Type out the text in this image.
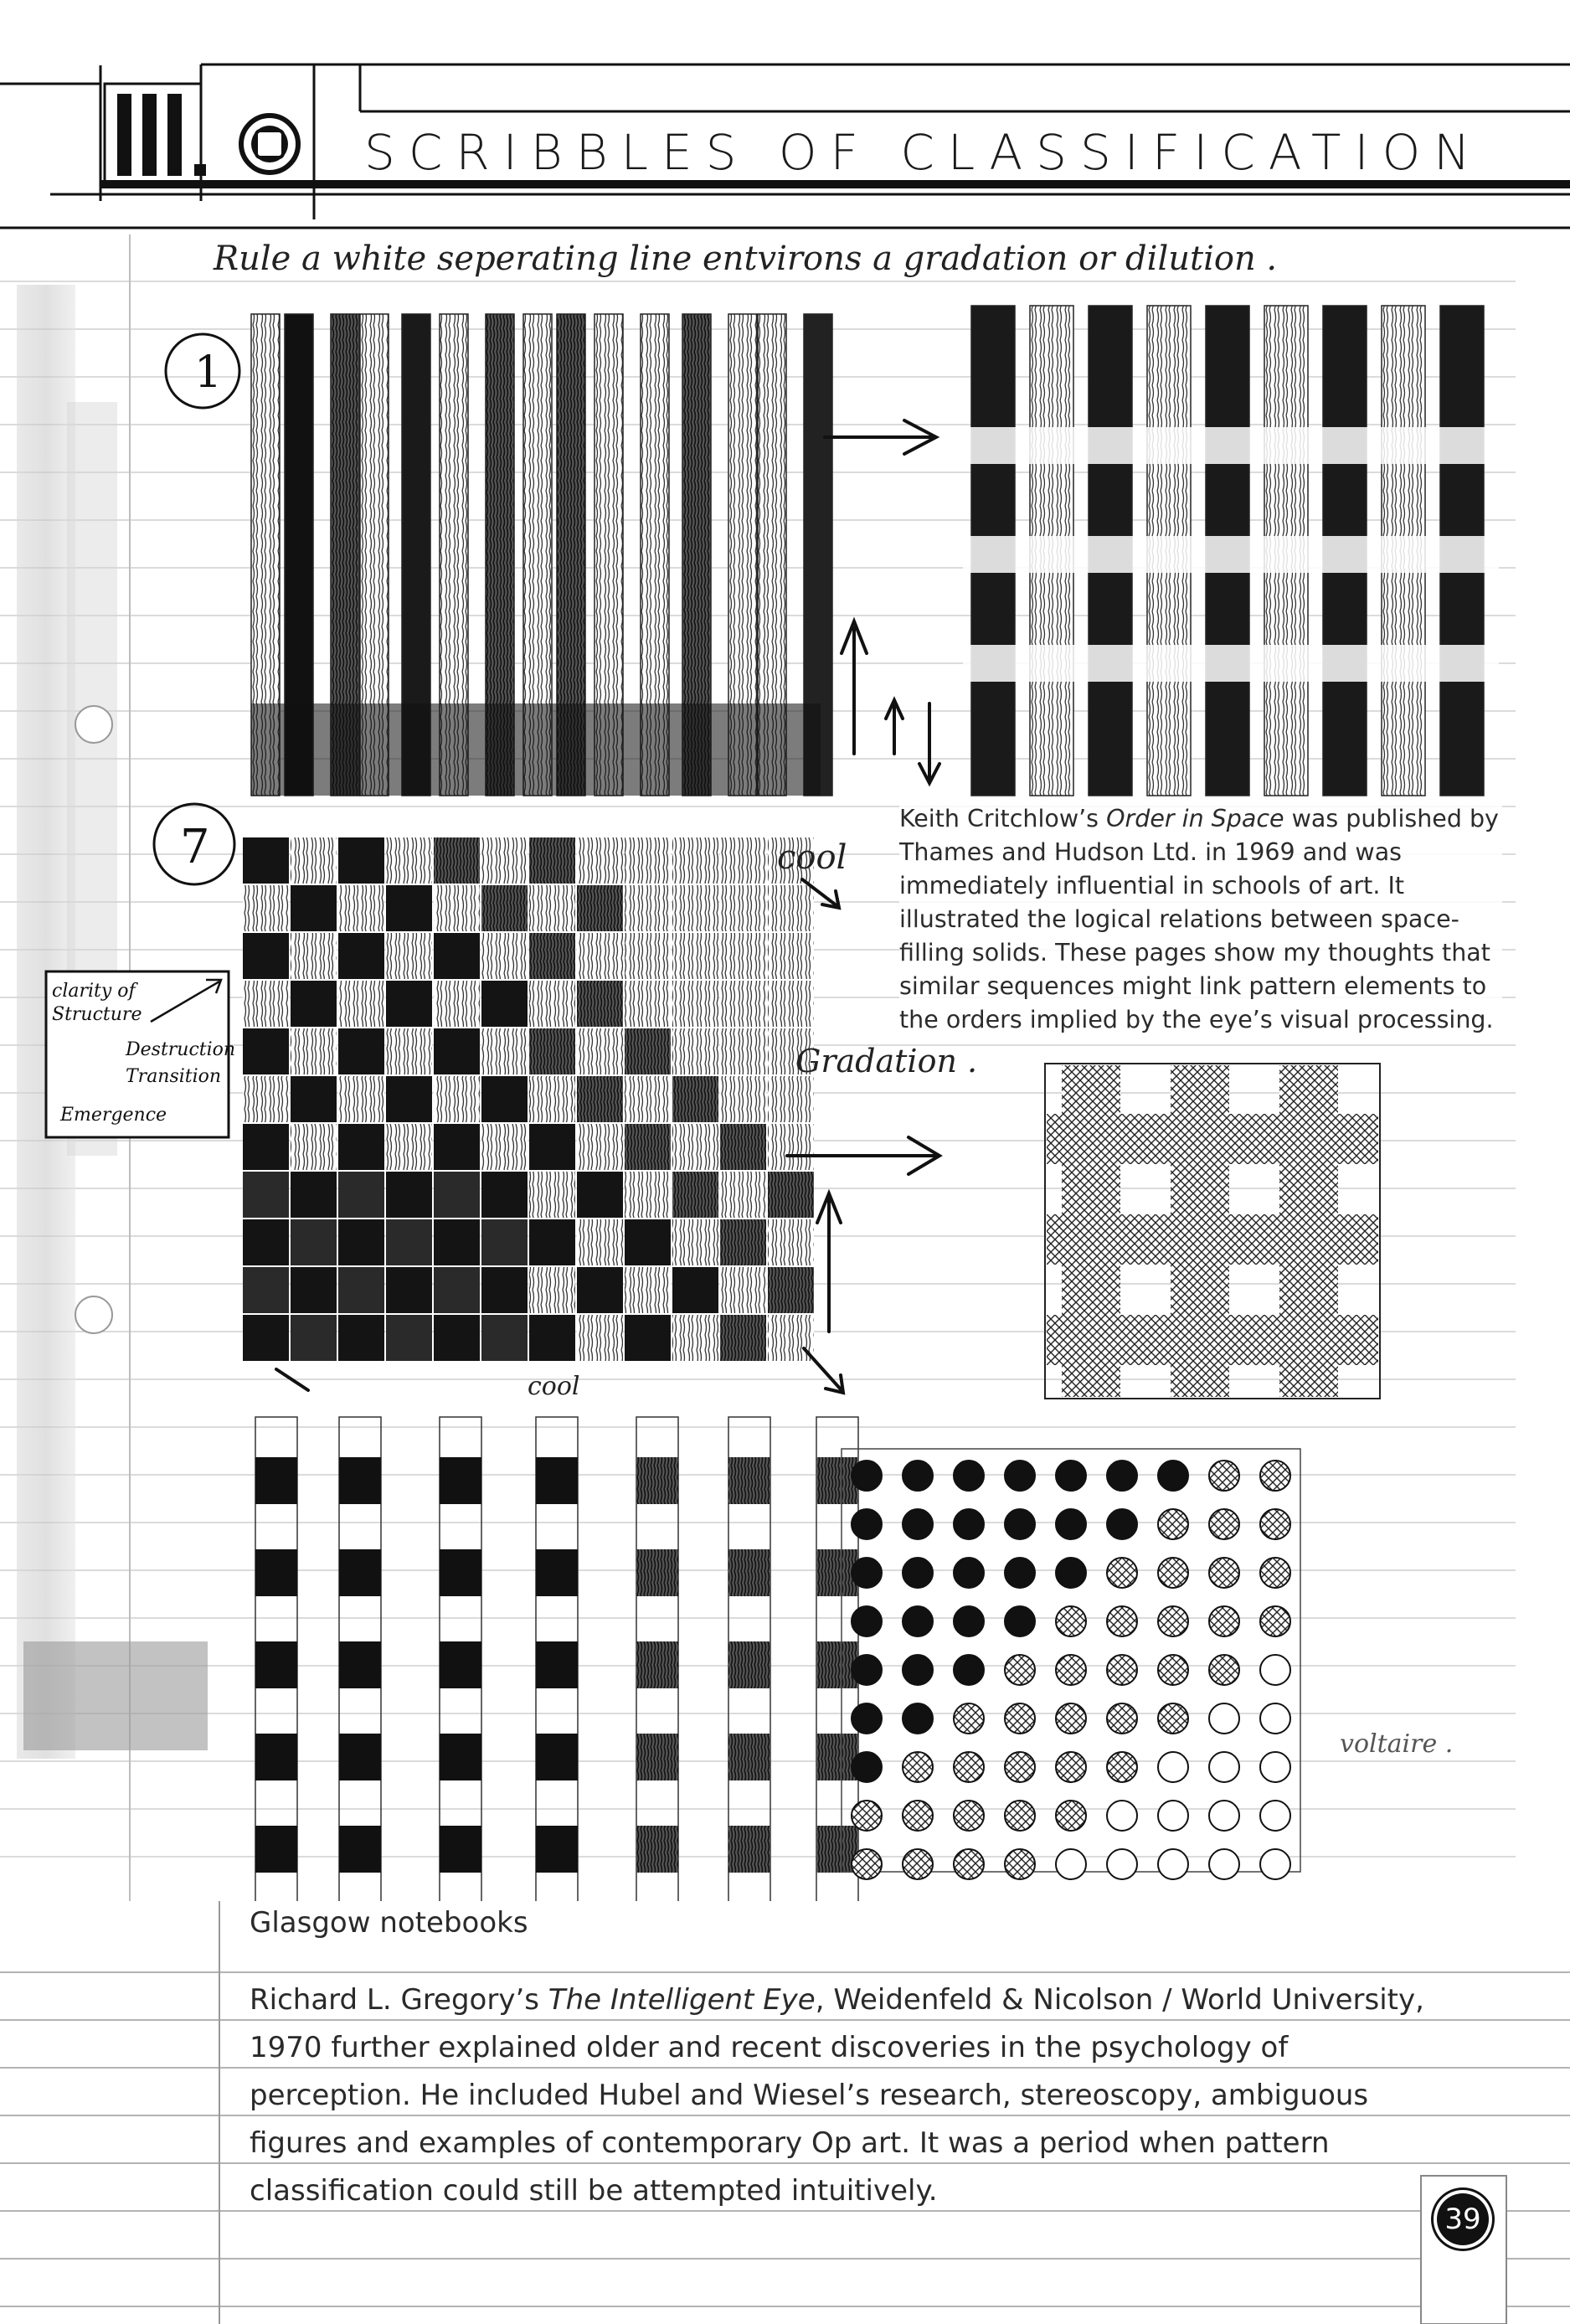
SCRIBBLES OF CLASSIFICATION
1
7
Rule a white seperating line entvirons a gradation or dilution .
cool
Gradation .
cool
voltaire .
clarity of
Structure
Destruction
Transition
Emergence
Keith Critchlow’s Order in Space was published by Thames and Hudson Ltd. in 1969 and was immediately influential in schools of art. It illustrated the logical relations between space-filling solids. These pages show my thoughts that similar sequences might link pattern elements to the orders implied by the eye’s visual processing.
Glasgow notebooks
Richard L. Gregory’s The Intelligent Eye, Weidenfeld & Nicolson / World University, 1970 further explained older and recent discoveries in the psychology of perception. He included Hubel and Wiesel’s research, stereoscopy, ambiguous figures and examples of contemporary Op art. It was a period when pattern classification could still be attempted intuitively.
39
